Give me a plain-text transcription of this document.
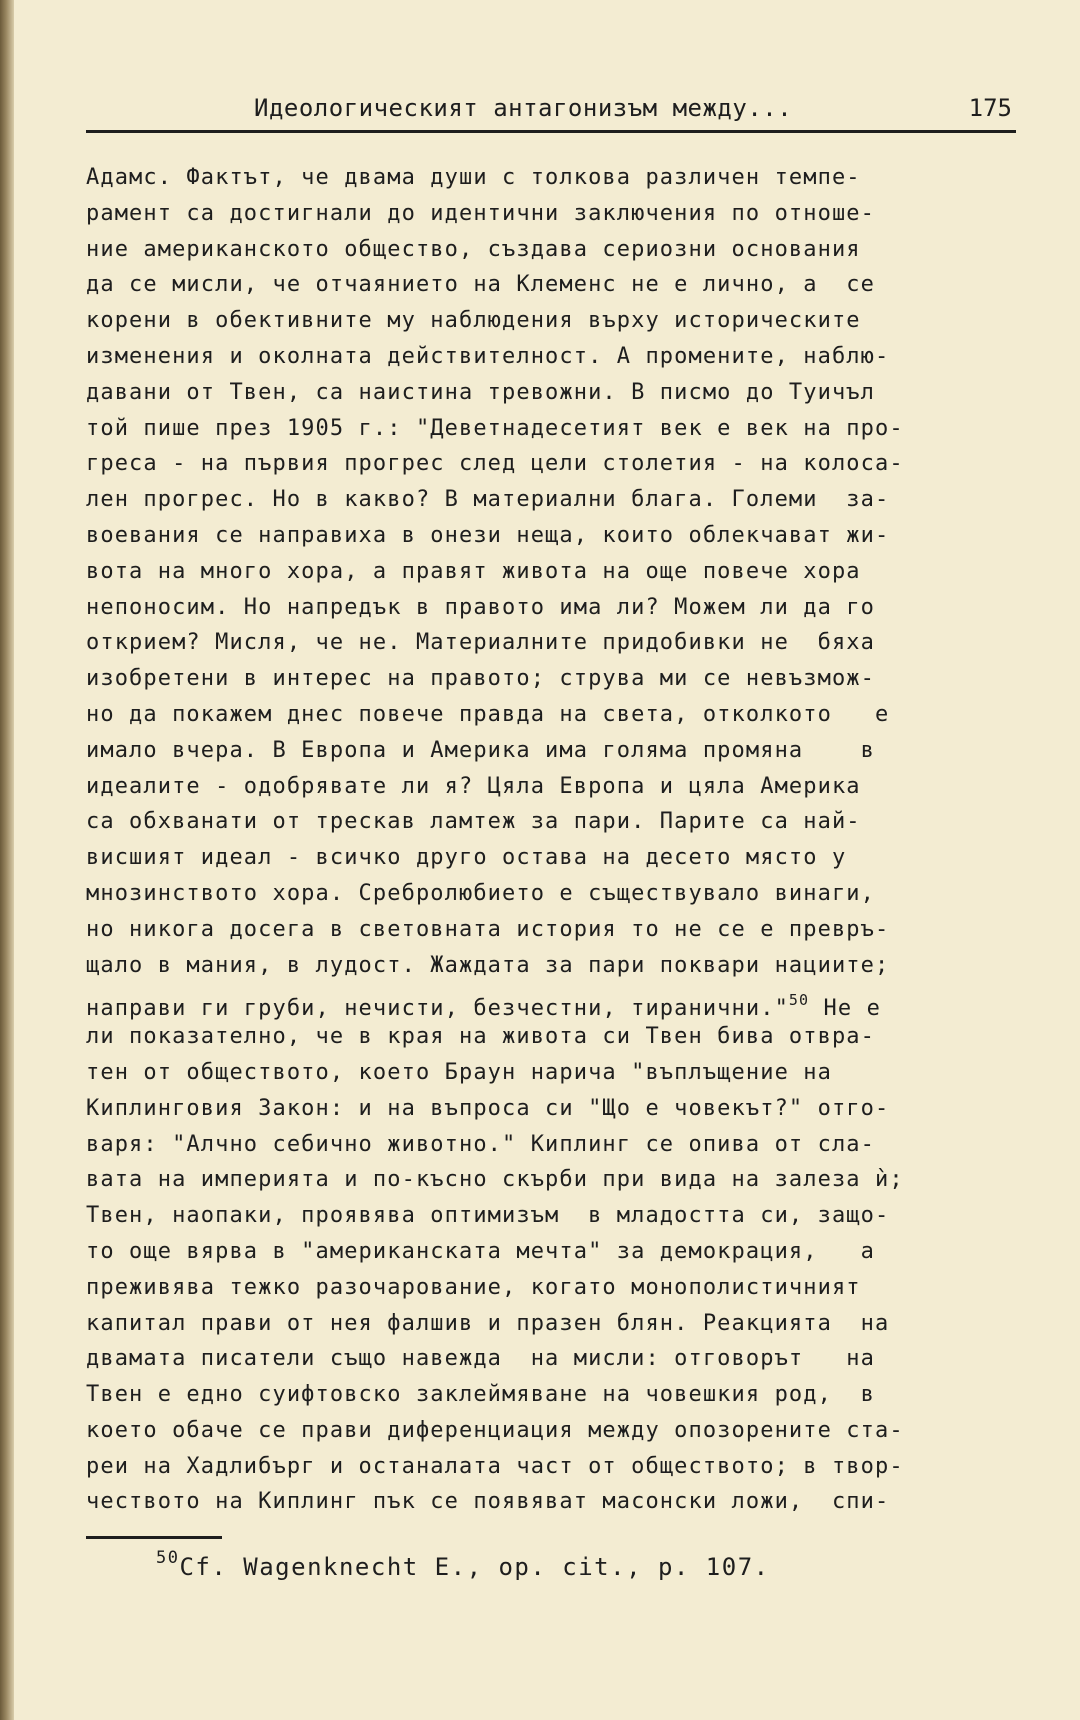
Идеологическият антагонизъм между...	175
Адамс. Фактът, че двама души с толкова различен темпе-
рамент са достигнали до идентични заключения по отноше-
ние американското общество, създава сериозни основания
да се мисли, че отчаянието на Клеменс не е лично, а  се
корени в обективните му наблюдения върху историческите
изменения и околната действителност. А промените, наблю-
давани от Твен, са наистина тревожни. В писмо до Туичъл
той пише през 1905 г.: "Деветнадесетият век е век на про-
греса - на първия прогрес след цели столетия - на колоса-
лен прогрес. Но в какво? В материални блага. Големи  за-
воевания се направиха в онези неща, които облекчават жи-
вота на много хора, а правят живота на още повече хора
непоносим. Но напредък в правото има ли? Можем ли да го
открием? Мисля, че не. Материалните придобивки не  бяха
изобретени в интерес на правото; струва ми се невъзмож-
но да покажем днес повече правда на света, отколкото   е
имало вчера. В Европа и Америка има голяма промяна    в
идеалите - одобрявате ли я? Цяла Европа и цяла Америка
са обхванати от трескав ламтеж за пари. Парите са най-
висшият идеал - всичко друго остава на десето място у
мнозинството хора. Сребролюбието е съществувало винаги,
но никога досега в световната история то не се е превръ-
щало в мания, в лудост. Жаждата за пари поквари нациите;
направи ги груби, нечисти, безчестни, тиранични."$^{50}$ Не е
ли показателно, че в края на живота си Твен бива отвра-
тен от обществото, което Браун нарича "въплъщение на
Киплинговия Закон: и на въпроса си "Що е човекът?" отго-
варя: "Алчно себично животно." Киплинг се опива от сла-
вата на империята и по-късно скърби при вида на залеза ѝ;
Твен, наопаки, проявява оптимизъм  в младостта си, защо-
то още вярва в "американската мечта" за демокрация,   а
преживява тежко разочарование, когато монополистичният
капитал прави от нея фалшив и празен блян. Реакцията  на
двамата писатели също навежда  на мисли: отговорът   на
Твен е едно суифтовско заклеймяване на човешкия род,  в
което обаче се прави диференциация между опозорените ста-
реи на Хадлибърг и останалата част от обществото; в твор-
чеството на Киплинг пък се появяват масонски ложи,  спи-
$^{50}$Cf. Wagenknecht E., op. cit., p. 107.
